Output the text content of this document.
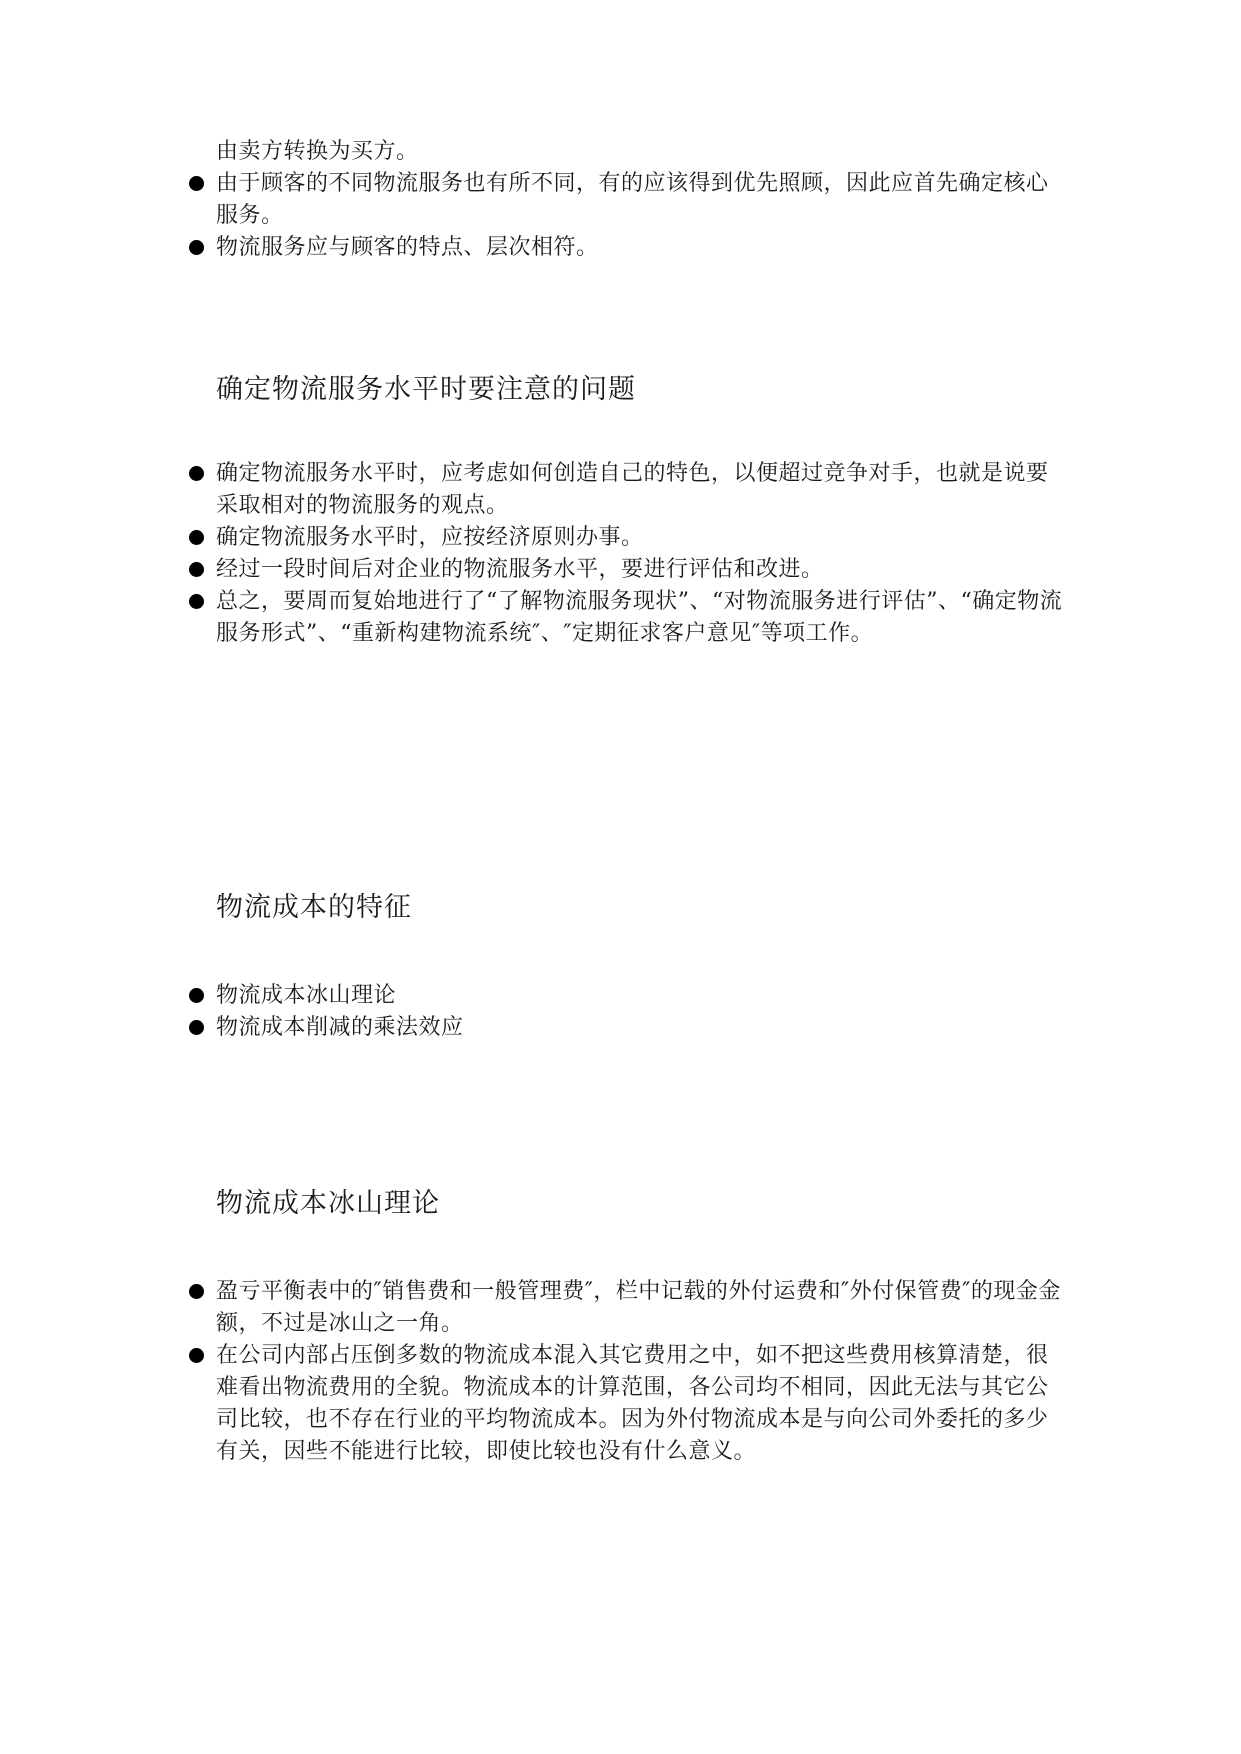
由卖方转换为买方。
由于顾客的不同物流服务也有所不同，有的应该得到优先照顾，因此应首先确定核心服务。
物流服务应与顾客的特点、层次相符。
确定物流服务水平时要注意的问题
确定物流服务水平时，应考虑如何创造自己的特色，以便超过竞争对手，也就是说要采取相对的物流服务的观点。
确定物流服务水平时，应按经济原则办事。
经过一段时间后对企业的物流服务水平，要进行评估和改进。
总之，要周而复始地进行了“了解物流服务现状”、“对物流服务进行评估”、“确定物流服务形式”、“重新构建物流系统″、″定期征求客户意见″等项工作。
物流成本的特征
物流成本冰山理论
物流成本削减的乘法效应
物流成本冰山理论
盈亏平衡表中的″销售费和一般管理费″，栏中记载的外付运费和″外付保管费″的现金金额，不过是冰山之一角。
在公司内部占压倒多数的物流成本混入其它费用之中，如不把这些费用核算清楚，很难看出物流费用的全貌。物流成本的计算范围，各公司均不相同，因此无法与其它公司比较，也不存在行业的平均物流成本。因为外付物流成本是与向公司外委托的多少有关，因些不能进行比较，即使比较也没有什么意义。
